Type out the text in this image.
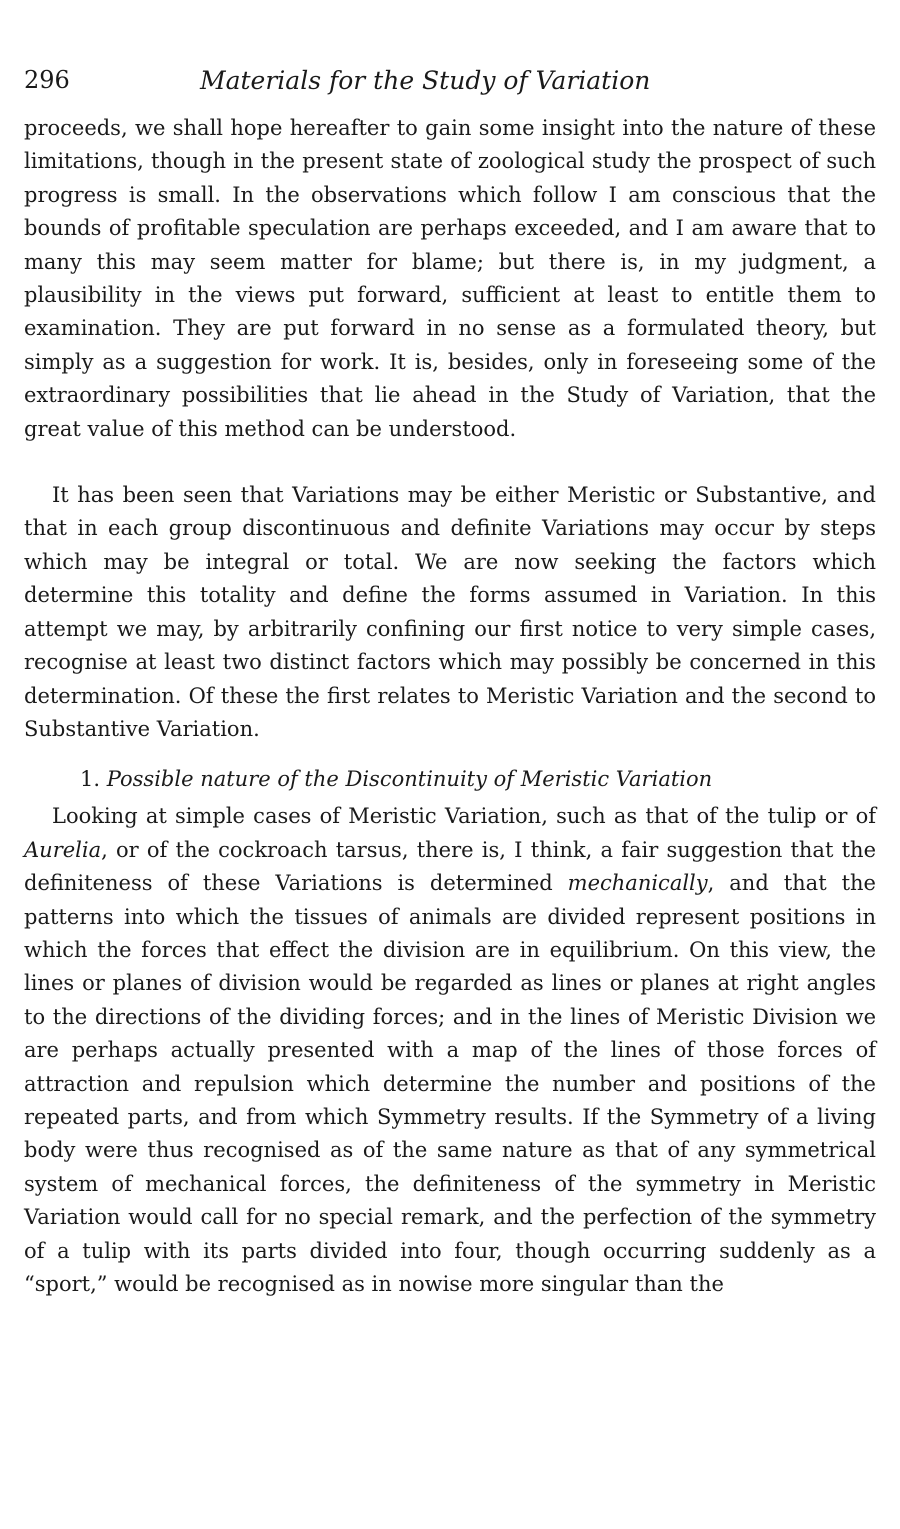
296	Materials for the Study of Variation

proceeds, we shall hope hereafter to gain some insight into the nature of these limitations, though in the present state of zoological study the prospect of such progress is small. In the observations which follow I am conscious that the bounds of profitable speculation are perhaps exceeded, and I am aware that to many this may seem matter for blame; but there is, in my judgment, a plausibility in the views put forward, sufficient at least to entitle them to examination. They are put forward in no sense as a formulated theory, but simply as a suggestion for work. It is, besides, only in foreseeing some of the extraordinary possibilities that lie ahead in the Study of Variation, that the great value of this method can be understood.

It has been seen that Variations may be either Meristic or Substantive, and that in each group discontinuous and definite Variations may occur by steps which may be integral or total. We are now seeking the factors which determine this totality and define the forms assumed in Variation. In this attempt we may, by arbitrarily confining our first notice to very simple cases, recognise at least two distinct factors which may possibly be concerned in this determination. Of these the first relates to Meristic Variation and the second to Substantive Variation.

1. Possible nature of the Discontinuity of Meristic Variation

Looking at simple cases of Meristic Variation, such as that of the tulip or of Aurelia, or of the cockroach tarsus, there is, I think, a fair suggestion that the definiteness of these Variations is determined mechanically, and that the patterns into which the tissues of animals are divided represent positions in which the forces that effect the division are in equilibrium. On this view, the lines or planes of division would be regarded as lines or planes at right angles to the directions of the dividing forces; and in the lines of Meristic Division we are perhaps actually presented with a map of the lines of those forces of attraction and repulsion which determine the number and positions of the repeated parts, and from which Symmetry results. If the Symmetry of a living body were thus recognised as of the same nature as that of any symmetrical system of mechanical forces, the definiteness of the symmetry in Meristic Variation would call for no special remark, and the perfection of the symmetry of a tulip with its parts divided into four, though occurring suddenly as a “sport,” would be recognised as in nowise more singular than the
